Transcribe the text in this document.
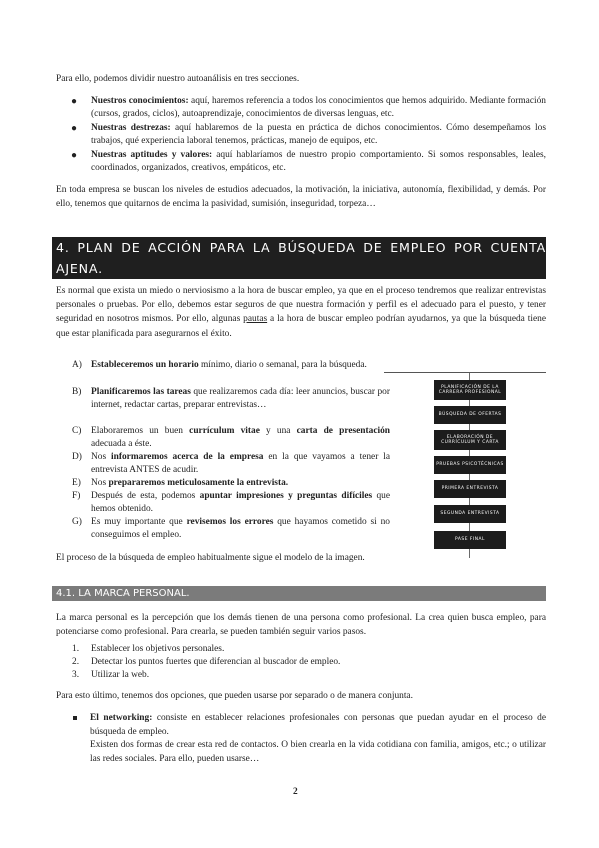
Para ello, podemos dividir nuestro autoanálisis en tres secciones.

● Nuestros conocimientos: aquí, haremos referencia a todos los conocimientos que hemos adquirido. Mediante formación (cursos, grados, ciclos), autoaprendizaje, conocimientos de diversas lenguas, etc.
● Nuestras destrezas: aquí hablaremos de la puesta en práctica de dichos conocimientos. Cómo desempeñamos los trabajos, qué experiencia laboral tenemos, prácticas, manejo de equipos, etc.
● Nuestras aptitudes y valores: aquí hablaríamos de nuestro propio comportamiento. Si somos responsables, leales, coordinados, organizados, creativos, empáticos, etc.

En toda empresa se buscan los niveles de estudios adecuados, la motivación, la iniciativa, autonomía, flexibilidad, y demás. Por ello, tenemos que quitarnos de encima la pasividad, sumisión, inseguridad, torpeza…

4. PLAN DE ACCIÓN PARA LA BÚSQUEDA DE EMPLEO POR CUENTA AJENA.

Es normal que exista un miedo o nerviosismo a la hora de buscar empleo, ya que en el proceso tendremos que realizar entrevistas personales o pruebas. Por ello, debemos estar seguros de que nuestra formación y perfil es el adecuado para el puesto, y tener seguridad en nosotros mismos. Por ello, algunas pautas a la hora de buscar empleo podrían ayudarnos, ya que la búsqueda tiene que estar planificada para asegurarnos el éxito.

A) Estableceremos un horario mínimo, diario o semanal, para la búsqueda.
B) Planificaremos las tareas que realizaremos cada día: leer anuncios, buscar por internet, redactar cartas, preparar entrevistas…
C) Elaboraremos un buen currículum vitae y una carta de presentación adecuada a éste.
D) Nos informaremos acerca de la empresa en la que vayamos a tener la entrevista ANTES de acudir.
E) Nos prepararemos meticulosamente la entrevista.
F) Después de esta, podemos apuntar impresiones y preguntas difíciles que hemos obtenido.
G) Es muy importante que revisemos los errores que hayamos cometido si no conseguimos el empleo.
PLANIFICACIÓN DE LA CARRERA PROFESIONAL
BÚSQUEDA DE OFERTAS
ELABORACIÓN DE CURRÍCULUM Y CARTA
PRUEBAS PSICOTÉCNICAS
PRIMERA ENTREVISTA
SEGUNDA ENTREVISTA
PASE FINAL

El proceso de la búsqueda de empleo habitualmente sigue el modelo de la imagen.

4.1. LA MARCA PERSONAL.

La marca personal es la percepción que los demás tienen de una persona como profesional. La crea quien busca empleo, para potenciarse como profesional. Para crearla, se pueden también seguir varios pasos.

1. Establecer los objetivos personales.
2. Detectar los puntos fuertes que diferencian al buscador de empleo.
3. Utilizar la web.

Para esto último, tenemos dos opciones, que pueden usarse por separado o de manera conjunta.

El networking: consiste en establecer relaciones profesionales con personas que puedan ayudar en el proceso de búsqueda de empleo.
Existen dos formas de crear esta red de contactos. O bien crearla en la vida cotidiana con familia, amigos, etc.; o utilizar las redes sociales. Para ello, pueden usarse…
2
